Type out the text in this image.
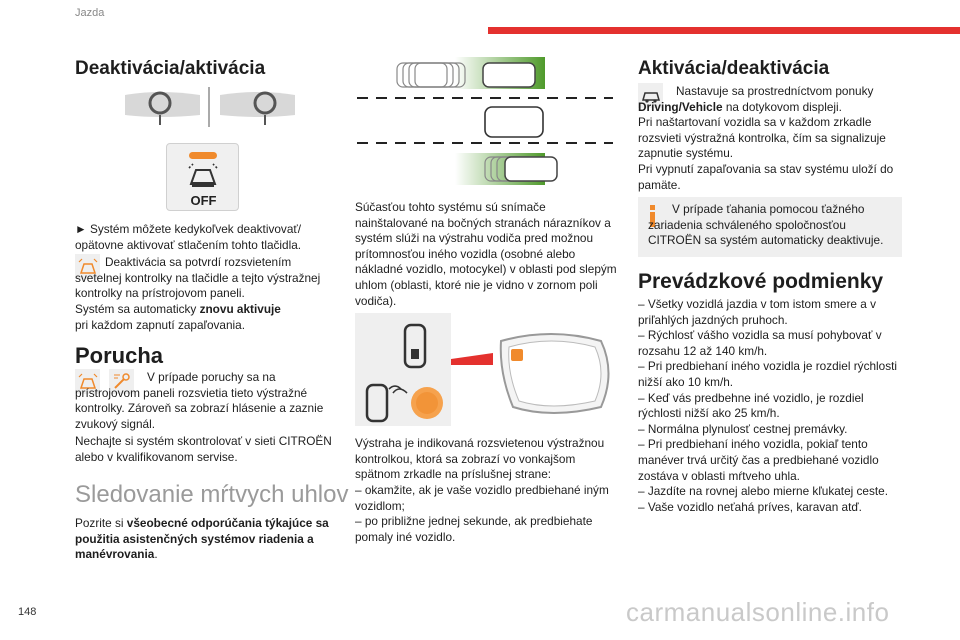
Jazda
Deaktivácia/aktivácia
OFF
► Systém môžete kedykoľvek deaktivovať/ opätovne aktivovať stlačením tohto tlačidla.
Deaktivácia sa potvrdí rozsvietením svetelnej kontrolky na tlačidle a tejto výstražnej kontrolky na prístrojovom paneli.
Systém sa automaticky znovu aktivuje
pri každom zapnutí zapaľovania.
Porucha
V prípade poruchy sa na prístrojovom paneli rozsvietia tieto výstražné kontrolky. Zároveň sa zobrazí hlásenie a zaznie zvukový signál.
Nechajte si systém skontrolovať v sieti CITROËN alebo v kvalifikovanom servise.
Sledovanie mŕtvych uhlov
Pozrite si všeobecné odporúčania týkajúce sa použitia asistenčných systémov riadenia a manévrovania.
148
Súčasťou tohto systému sú snímače nainštalované na bočných stranách nárazníkov a systém slúži na výstrahu vodiča pred možnou prítomnosťou iného vozidla (osobné alebo nákladné vozidlo, motocykel) v oblasti pod slepým uhlom (oblasti, ktoré nie je vidno v zornom poli vodiča).
Výstraha je indikovaná rozsvietenou výstražnou kontrolkou, ktorá sa zobrazí vo vonkajšom spätnom zrkadle na príslušnej strane:
– okamžite, ak je vaše vozidlo predbiehané iným vozidlom;
– po približne jednej sekunde, ak predbiehate pomaly iné vozidlo.
Aktivácia/deaktivácia
Nastavuje sa prostredníctvom ponuky Driving/Vehicle na dotykovom displeji.
Pri naštartovaní vozidla sa v každom zrkadle rozsvieti výstražná kontrolka, čím sa signalizuje zapnutie systému.
Pri vypnutí zapaľovania sa stav systému uloží do pamäte.
V prípade ťahania pomocou ťažného zariadenia schváleného spoločnosťou CITROËN sa systém automaticky deaktivuje.
Prevádzkové podmienky
– Všetky vozidlá jazdia v tom istom smere a v priľahlých jazdných pruhoch.
– Rýchlosť vášho vozidla sa musí pohybovať v rozsahu 12 až 140 km/h.
– Pri predbiehaní iného vozidla je rozdiel rýchlosti nižší ako 10 km/h.
– Keď vás predbehne iné vozidlo, je rozdiel rýchlosti nižší ako 25 km/h.
– Normálna plynulosť cestnej premávky.
– Pri predbiehaní iného vozidla, pokiaľ tento manéver trvá určitý čas a predbiehané vozidlo zostáva v oblasti mŕtveho uhla.
– Jazdíte na rovnej alebo mierne kľukatej ceste.
– Vaše vozidlo neťahá príves, karavan atď.
carmanualsonline.info
